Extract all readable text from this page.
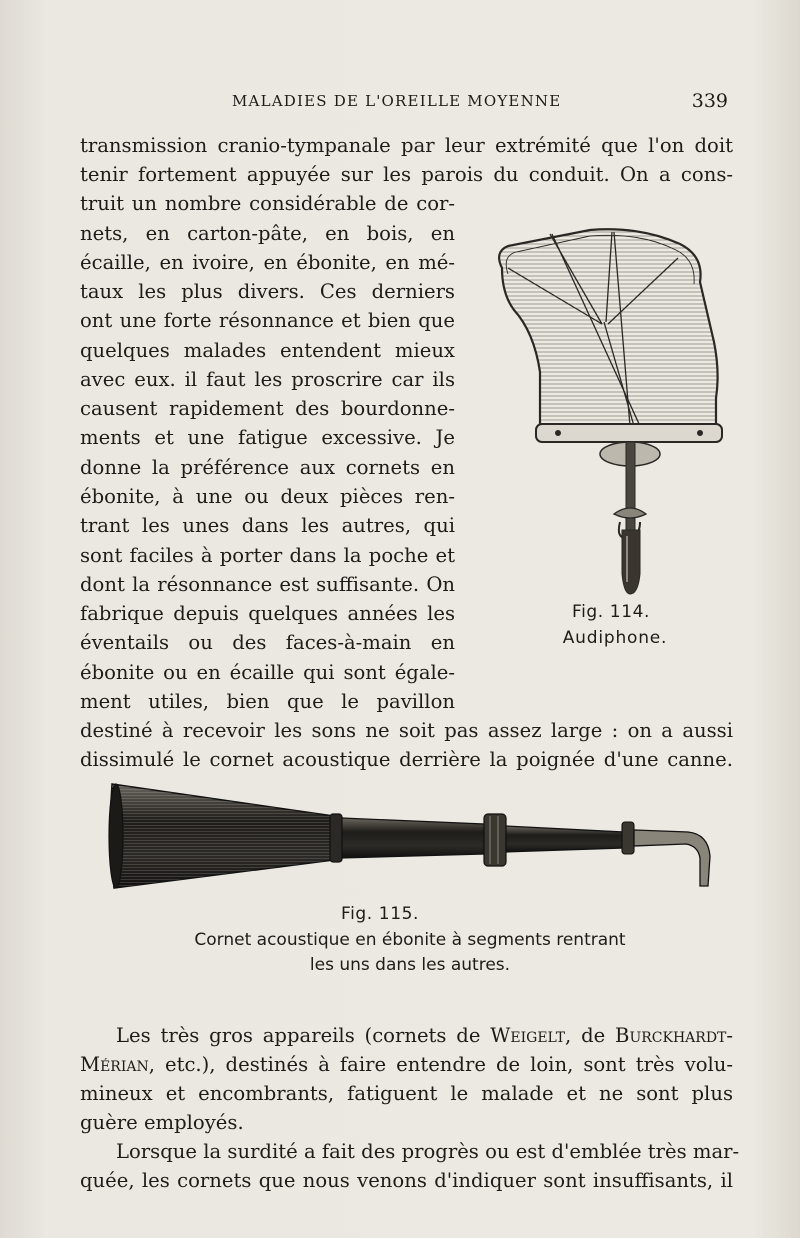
MALADIES DE L'OREILLE MOYENNE	339
transmission cranio-tympanale par leur extrémité que l'on doit
tenir fortement appuyée sur les parois du conduit. On a cons-
truit un nombre considérable de cor-
nets, en carton-pâte, en bois, en
écaille, en ivoire, en ébonite, en mé-
taux les plus divers. Ces derniers
ont une forte résonnance et bien que
quelques malades entendent mieux
avec eux. il faut les proscrire car ils
causent rapidement des bourdonne-
ments et une fatigue excessive. Je
donne la préférence aux cornets en
ébonite, à une ou deux pièces ren-
trant les unes dans les autres, qui
sont faciles à porter dans la poche et
dont la résonnance est suffisante. On
fabrique depuis quelques années les
éventails ou des faces-à-main en
ébonite ou en écaille qui sont égale-
ment utiles, bien que le pavillon
destiné à recevoir les sons ne soit pas assez large : on a aussi
dissimulé le cornet acoustique derrière la poignée d'une canne.
Fig. 114.
Audiphone.
Fig. 115.
Cornet acoustique en ébonite à segments rentrant
les uns dans les autres.
Les très gros appareils (cornets de Weigelt, de Burckhardt-
Mérian, etc.), destinés à faire entendre de loin, sont très volu-
mineux et encombrants, fatiguent le malade et ne sont plus
guère employés.
Lorsque la surdité a fait des progrès ou est d'emblée très mar-
quée, les cornets que nous venons d'indiquer sont insuffisants, il
